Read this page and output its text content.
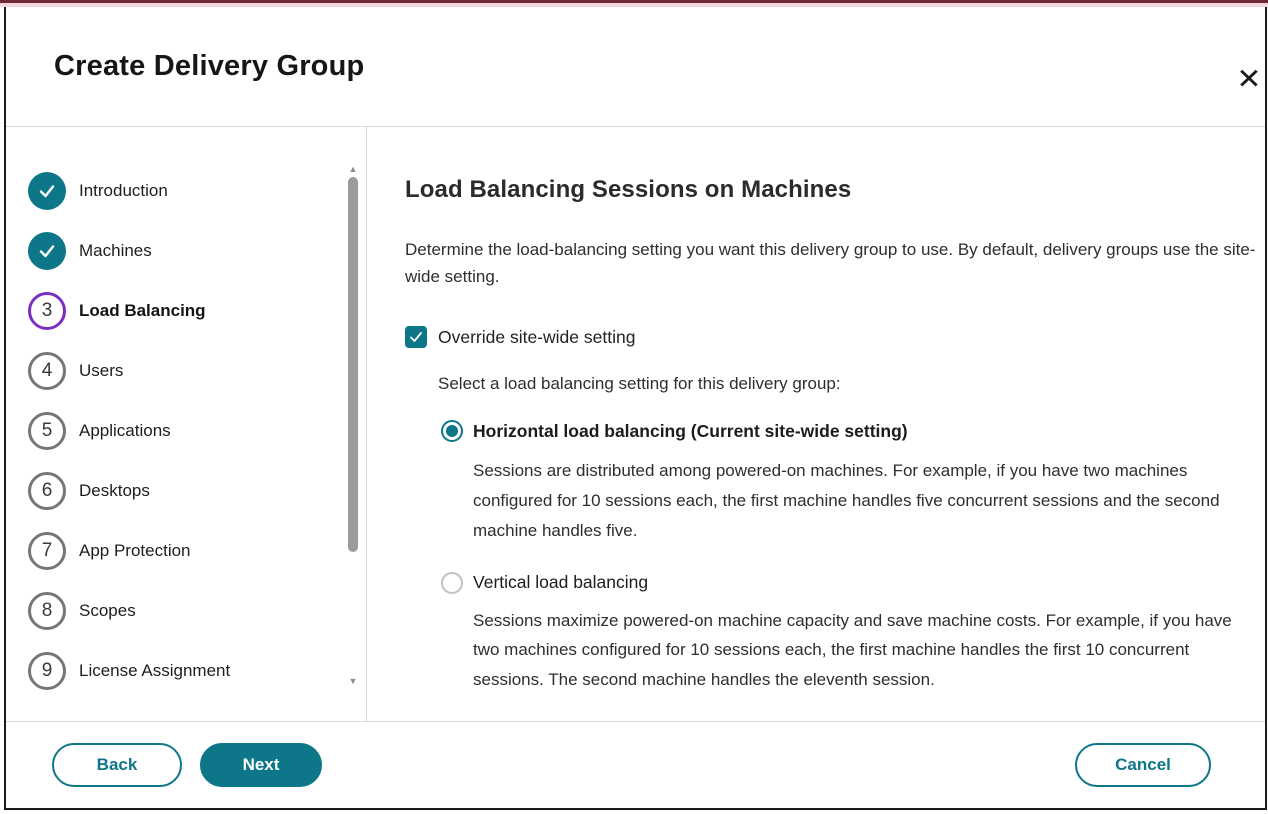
Create Delivery Group	✕
Introduction
Machines
3 Load Balancing
4 Users
5 Applications
6 Desktops
7 App Protection
8 Scopes
9 License Assignment
▲
▼
Load Balancing Sessions on Machines

Determine the load-balancing setting you want this delivery group to use. By default, delivery groups use the site-wide setting.

Override site-wide setting

Select a load balancing setting for this delivery group:

Horizontal load balancing (Current site-wide setting)

Sessions are distributed among powered-on machines. For example, if you have two machines configured for 10 sessions each, the first machine handles five concurrent sessions and the second machine handles five.

Vertical load balancing

Sessions maximize powered-on machine capacity and save machine costs. For example, if you have two machines configured for 10 sessions each, the first machine handles the first 10 concurrent sessions. The second machine handles the eleventh session.

Back	Next	Cancel
